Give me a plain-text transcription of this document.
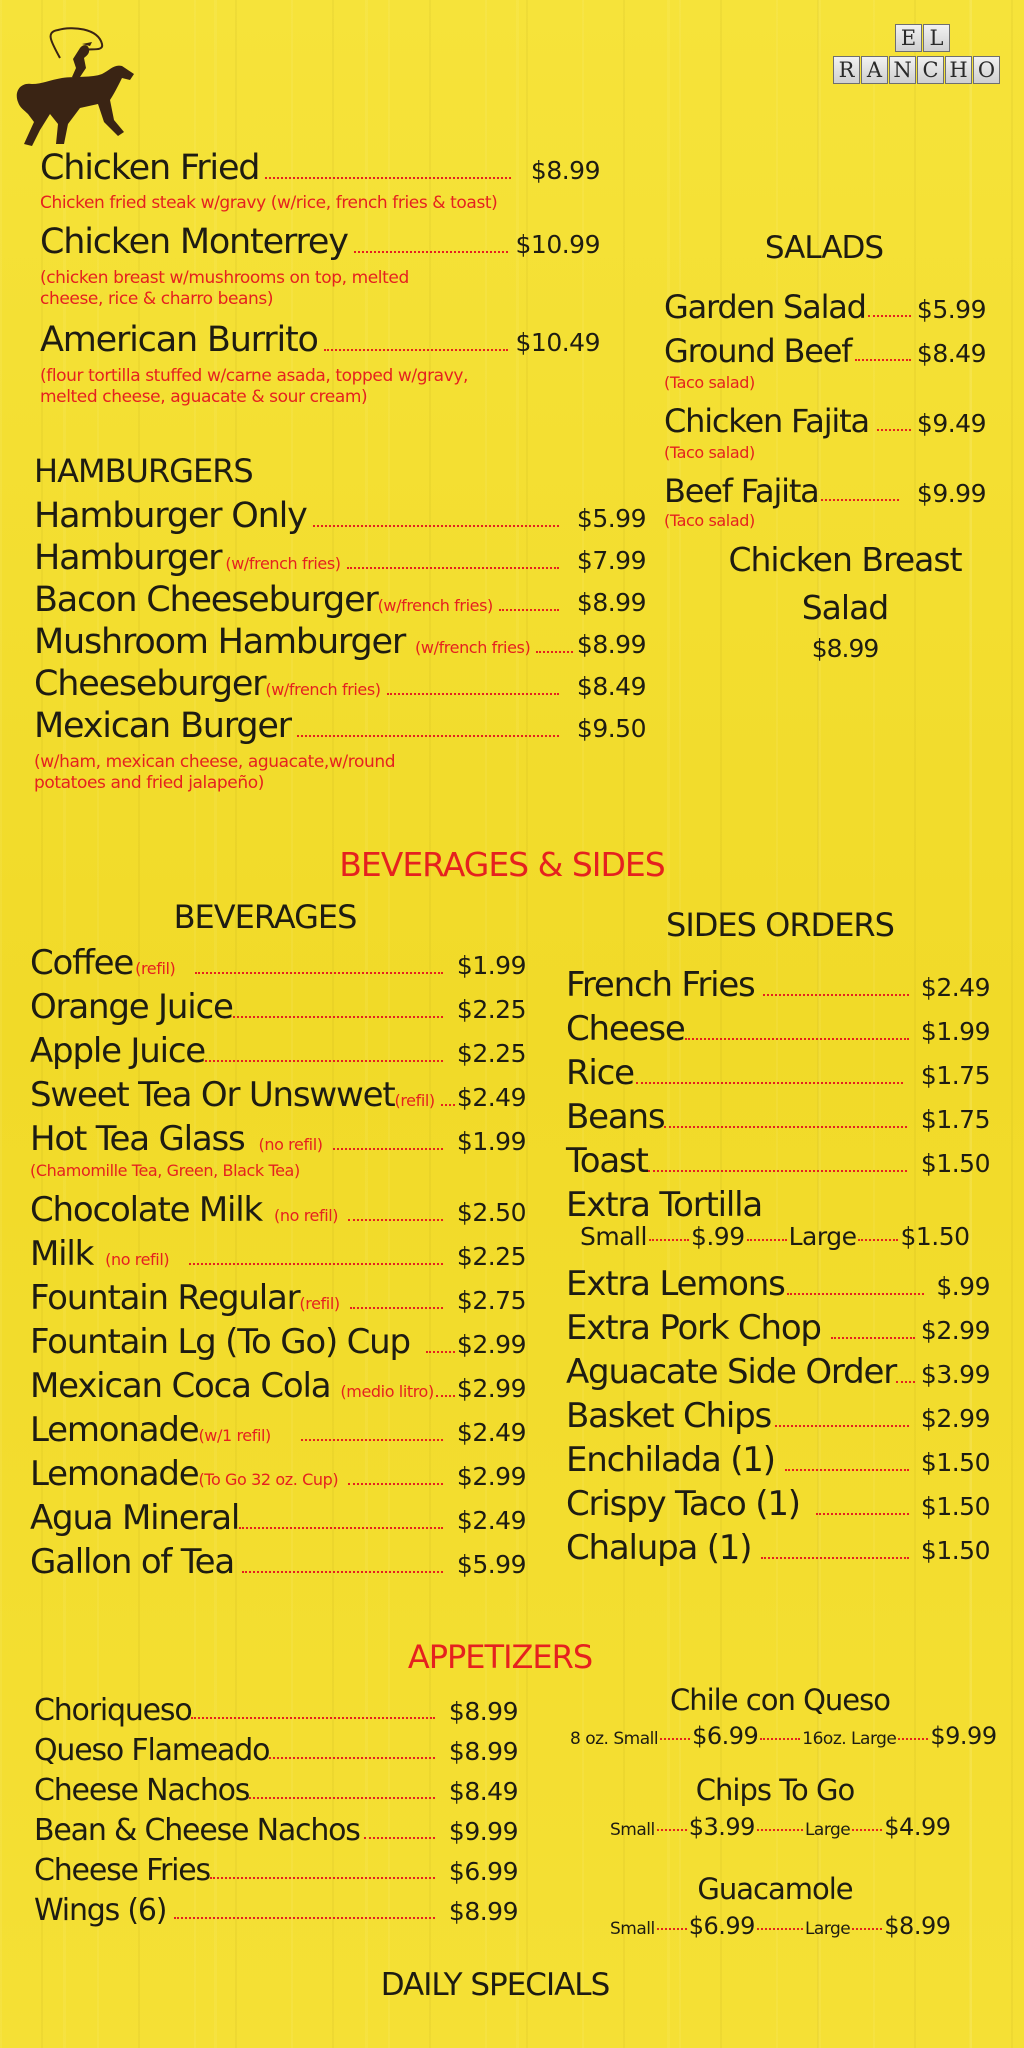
E L
R A N C H O
Chicken Fried	$8.99
Chicken fried steak w/gravy (w/rice, french fries & toast)
Chicken Monterrey	$10.99
(chicken breast w/mushrooms on top, melted
cheese, rice & charro beans)
American Burrito	$10.49
(flour tortilla stuffed w/carne asada, topped w/gravy,
melted cheese, aguacate & sour cream)
HAMBURGERS
Hamburger Only	$5.99
Hamburger (w/french fries)	$7.99
Bacon Cheeseburger (w/french fries)	$8.99
Mushroom Hamburger (w/french fries) $8.99
Cheeseburger (w/french fries)	$8.49
Mexican Burger	$9.50
(w/ham, mexican cheese, aguacate,w/round
potatoes and fried jalapeño)
SALADS
Garden Salad $5.99
Ground Beef	$8.49
(Taco salad)
Chicken Fajita $9.49
(Taco salad)
Beef Fajita	$9.99
(Taco salad)
Chicken Breast
Salad
$8.99
BEVERAGES & SIDES
BEVERAGES
Coffee (refil)	$1.99
Orange Juice	$2.25
Apple Juice	$2.25
Sweet Tea Or Unswwet (refil) $2.49
Hot Tea Glass (no refil)	$1.99
(Chamomille Tea, Green, Black Tea)
Chocolate Milk (no refil)	$2.50
Milk (no refil)	$2.25
Fountain Regular (refil)	$2.75
Fountain Lg (To Go) Cup $2.99
Mexican Coca Cola (medio litro) $2.99
Lemonade (w/1 refil)	$2.49
Lemonade (To Go 32 oz. Cup)	$2.99
Agua Mineral	$2.49
Gallon of Tea	$5.99
SIDES ORDERS
French Fries	$2.49
Cheese	$1.99
Rice	$1.75
Beans	$1.75
Toast	$1.50
Extra Tortilla
Small $.99 Large $1.50
Extra Lemons	$.99
Extra Pork Chop	$2.99
Aguacate Side Order $3.99
Basket Chips	$2.99
Enchilada (1)	$1.50
Crispy Taco (1)	$1.50
Chalupa (1)	$1.50
APPETIZERS
Choriqueso	$8.99
Queso Flameado	$8.99
Cheese Nachos	$8.49
Bean & Cheese Nachos	$9.99
Cheese Fries	$6.99
Wings (6)	$8.99
Chile con Queso
8 oz. Small $6.99	16oz. Large $9.99
Chips To Go
Small $3.99	Large $4.99
Guacamole
Small $6.99	Large $8.99
DAILY SPECIALS
